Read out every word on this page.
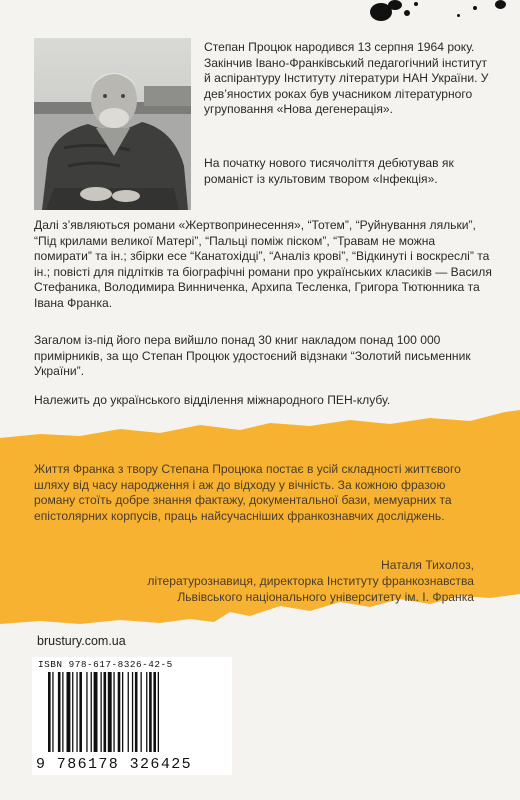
Степан Процюк народився 13 серпня 1964 року. Закінчив Івано-Франківський педагогічний інститут й аспірантуру Інституту літератури НАН України. У дев’яностих роках був учасником літературного угруповання «Нова дегенерація».

На початку нового тисячоліття дебютував як романіст із культовим твором «Інфекція».

Далі з’являються романи «Жертвопринесення», “Тотем”, “Руйнування ляльки”, “Під крилами великої Матері”, “Пальці поміж піском”, “Травам не можна помирати” та ін.; збірки есе “Канатохідці”, “Аналіз крові”, “Відкинуті і воскреслі” та ін.; повісті для підлітків та біографічні романи про українських класиків — Василя Стефаника, Володимира Винниченка, Архипа Тесленка, Григора Тютюнника та Івана Франка.

Загалом із-під його пера вийшло понад 30 книг накладом понад 100 000 примірників, за що Степан Процюк удостоєний відзнаки “Золотий письменник України”.

Належить до українського відділення міжнародного ПЕН-клубу.

Життя Франка з твору Степана Процюка постає в усій складності життєвого шляху від часу народження і аж до відходу у вічність. За кожною фразою роману стоїть добре знання фактажу, документальної бази, мемуарних та епістолярних корпусів, праць найсучасніших франкознавчих досліджень.

Наталя Тихолоз,

літературознавиця, директорка Інституту франкознавства

Львівського національного університету ім. І. Франка

brustury.com.ua
ISBN 978-617-8326-42-5
9 786178 326425
